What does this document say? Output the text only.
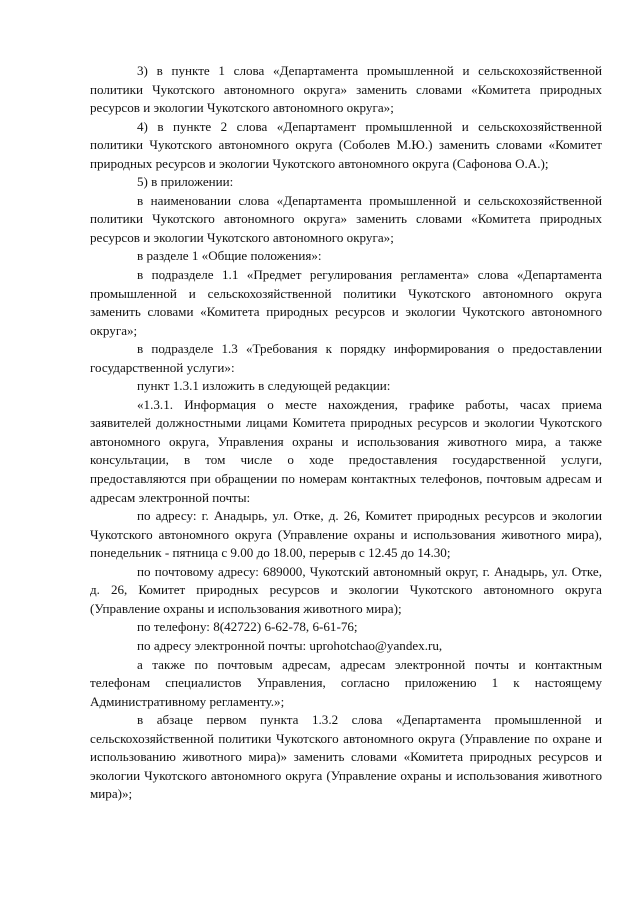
3) в пункте 1 слова «Департамента промышленной и сельскохозяйственной политики Чукотского автономного округа» заменить словами «Комитета природных ресурсов и экологии Чукотского автономного округа»;

4) в пункте 2 слова «Департамент промышленной и сельскохозяйственной политики Чукотского автономного округа (Соболев М.Ю.) заменить словами «Комитет природных ресурсов и экологии Чукотского автономного округа (Сафонова О.А.);

5) в приложении:

в наименовании слова «Департамента промышленной и сельскохозяйственной политики Чукотского автономного округа» заменить словами «Комитета природных ресурсов и экологии Чукотского автономного округа»;

в разделе 1 «Общие положения»:

в подразделе 1.1 «Предмет регулирования регламента» слова «Департамента промышленной и сельскохозяйственной политики Чукотского автономного округа заменить словами «Комитета природных ресурсов и экологии Чукотского автономного округа»;

в подразделе 1.3 «Требования к порядку информирования о предоставлении государственной услуги»:

пункт 1.3.1 изложить в следующей редакции:

«1.3.1. Информация о месте нахождения, графике работы, часах приема заявителей должностными лицами Комитета природных ресурсов и экологии Чукотского автономного округа, Управления охраны и использования животного мира, а также консультации, в том числе о ходе предоставления государственной услуги, предоставляются при обращении по номерам контактных телефонов, почтовым адресам и адресам электронной почты:

по адресу: г. Анадырь, ул. Отке, д. 26, Комитет природных ресурсов и экологии Чукотского автономного округа (Управление охраны и использования животного мира), понедельник - пятница с 9.00 до 18.00, перерыв с 12.45 до 14.30;

по почтовому адресу: 689000, Чукотский автономный округ, г. Анадырь, ул. Отке, д. 26, Комитет природных ресурсов и экологии Чукотского автономного округа (Управление охраны и использования животного мира);

по телефону: 8(42722) 6-62-78, 6-61-76;

по адресу электронной почты: uprohotchao@yandex.ru,

а также по почтовым адресам, адресам электронной почты и контактным телефонам специалистов Управления, согласно приложению 1 к настоящему Административному регламенту.»;

в абзаце первом пункта 1.3.2 слова «Департамента промышленной и сельскохозяйственной политики Чукотского автономного округа (Управление по охране и использованию животного мира)» заменить словами «Комитета природных ресурсов и экологии Чукотского автономного округа (Управление охраны и использования животного мира)»;
